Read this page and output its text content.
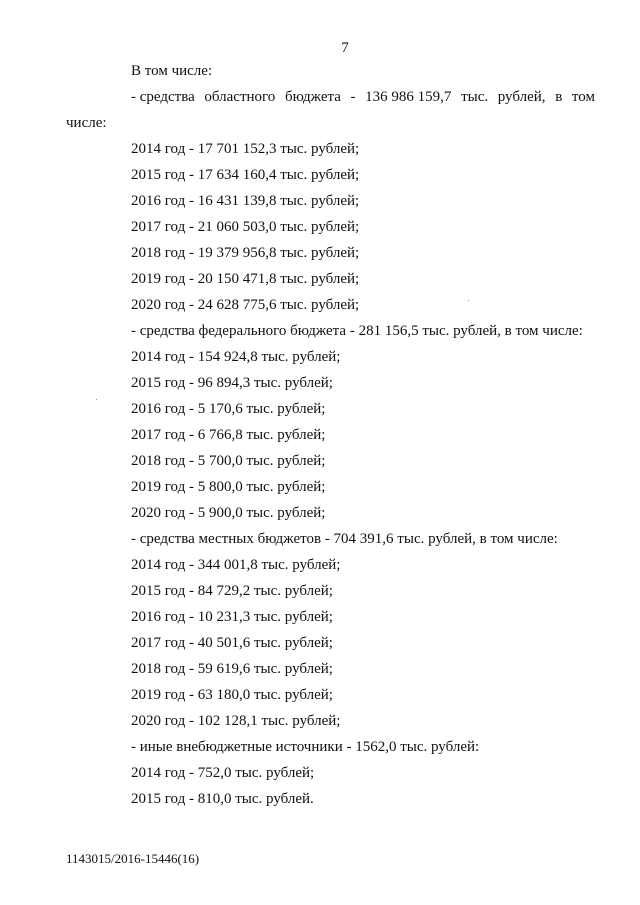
7
В том числе:
- средства областного бюджета - 136 986 159,7 тыс. рублей, в том
числе:
2014 год - 17 701 152,3 тыс. рублей;
2015 год - 17 634 160,4 тыс. рублей;
2016 год - 16 431 139,8 тыс. рублей;
2017 год - 21 060 503,0 тыс. рублей;
2018 год - 19 379 956,8 тыс. рублей;
2019 год - 20 150 471,8 тыс. рублей;
2020 год - 24 628 775,6 тыс. рублей;
- средства федерального бюджета - 281 156,5 тыс. рублей, в том числе:
2014 год - 154 924,8 тыс. рублей;
2015 год - 96 894,3 тыс. рублей;
2016 год - 5 170,6 тыс. рублей;
2017 год - 6 766,8 тыс. рублей;
2018 год - 5 700,0 тыс. рублей;
2019 год - 5 800,0 тыс. рублей;
2020 год - 5 900,0 тыс. рублей;
- средства местных бюджетов - 704 391,6 тыс. рублей, в том числе:
2014 год - 344 001,8 тыс. рублей;
2015 год - 84 729,2 тыс. рублей;
2016 год - 10 231,3 тыс. рублей;
2017 год - 40 501,6 тыс. рублей;
2018 год - 59 619,6 тыс. рублей;
2019 год - 63 180,0 тыс. рублей;
2020 год - 102 128,1 тыс. рублей;
- иные внебюджетные источники - 1562,0 тыс. рублей:
2014 год - 752,0 тыс. рублей;
2015 год - 810,0 тыс. рублей.
1143015/2016-15446(16)
